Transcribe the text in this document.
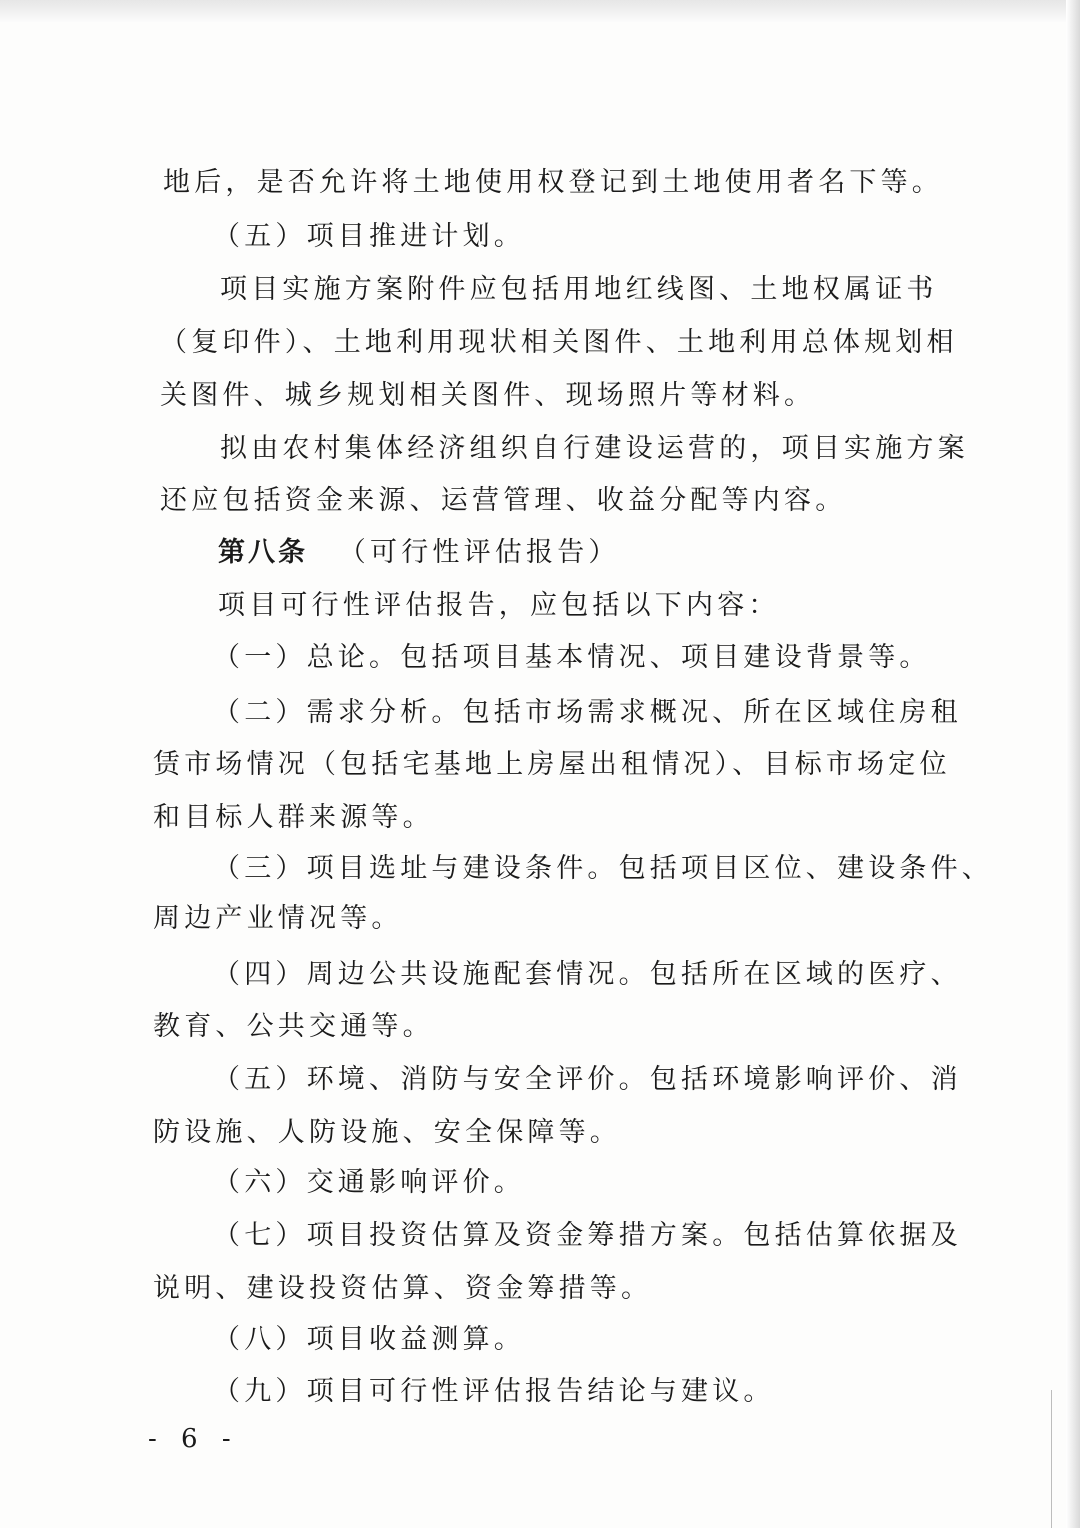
地后，是否允许将土地使用权登记到土地使用者名下等。
（五）项目推进计划。
项目实施方案附件应包括用地红线图、土地权属证书
（复印件）、土地利用现状相关图件、土地利用总体规划相
关图件、城乡规划相关图件、现场照片等材料。
拟由农村集体经济组织自行建设运营的，项目实施方案
还应包括资金来源、运营管理、收益分配等内容。
第八条 （可行性评估报告）
项目可行性评估报告，应包括以下内容：
（一）总论。包括项目基本情况、项目建设背景等。
（二）需求分析。包括市场需求概况、所在区域住房租
赁市场情况（包括宅基地上房屋出租情况）、目标市场定位
和目标人群来源等。
（三）项目选址与建设条件。包括项目区位、建设条件、
周边产业情况等。
（四）周边公共设施配套情况。包括所在区域的医疗、
教育、公共交通等。
（五）环境、消防与安全评价。包括环境影响评价、消
防设施、人防设施、安全保障等。
（六）交通影响评价。
（七）项目投资估算及资金筹措方案。包括估算依据及
说明、建设投资估算、资金筹措等。
（八）项目收益测算。
（九）项目可行性评估报告结论与建议。
- 6 -
